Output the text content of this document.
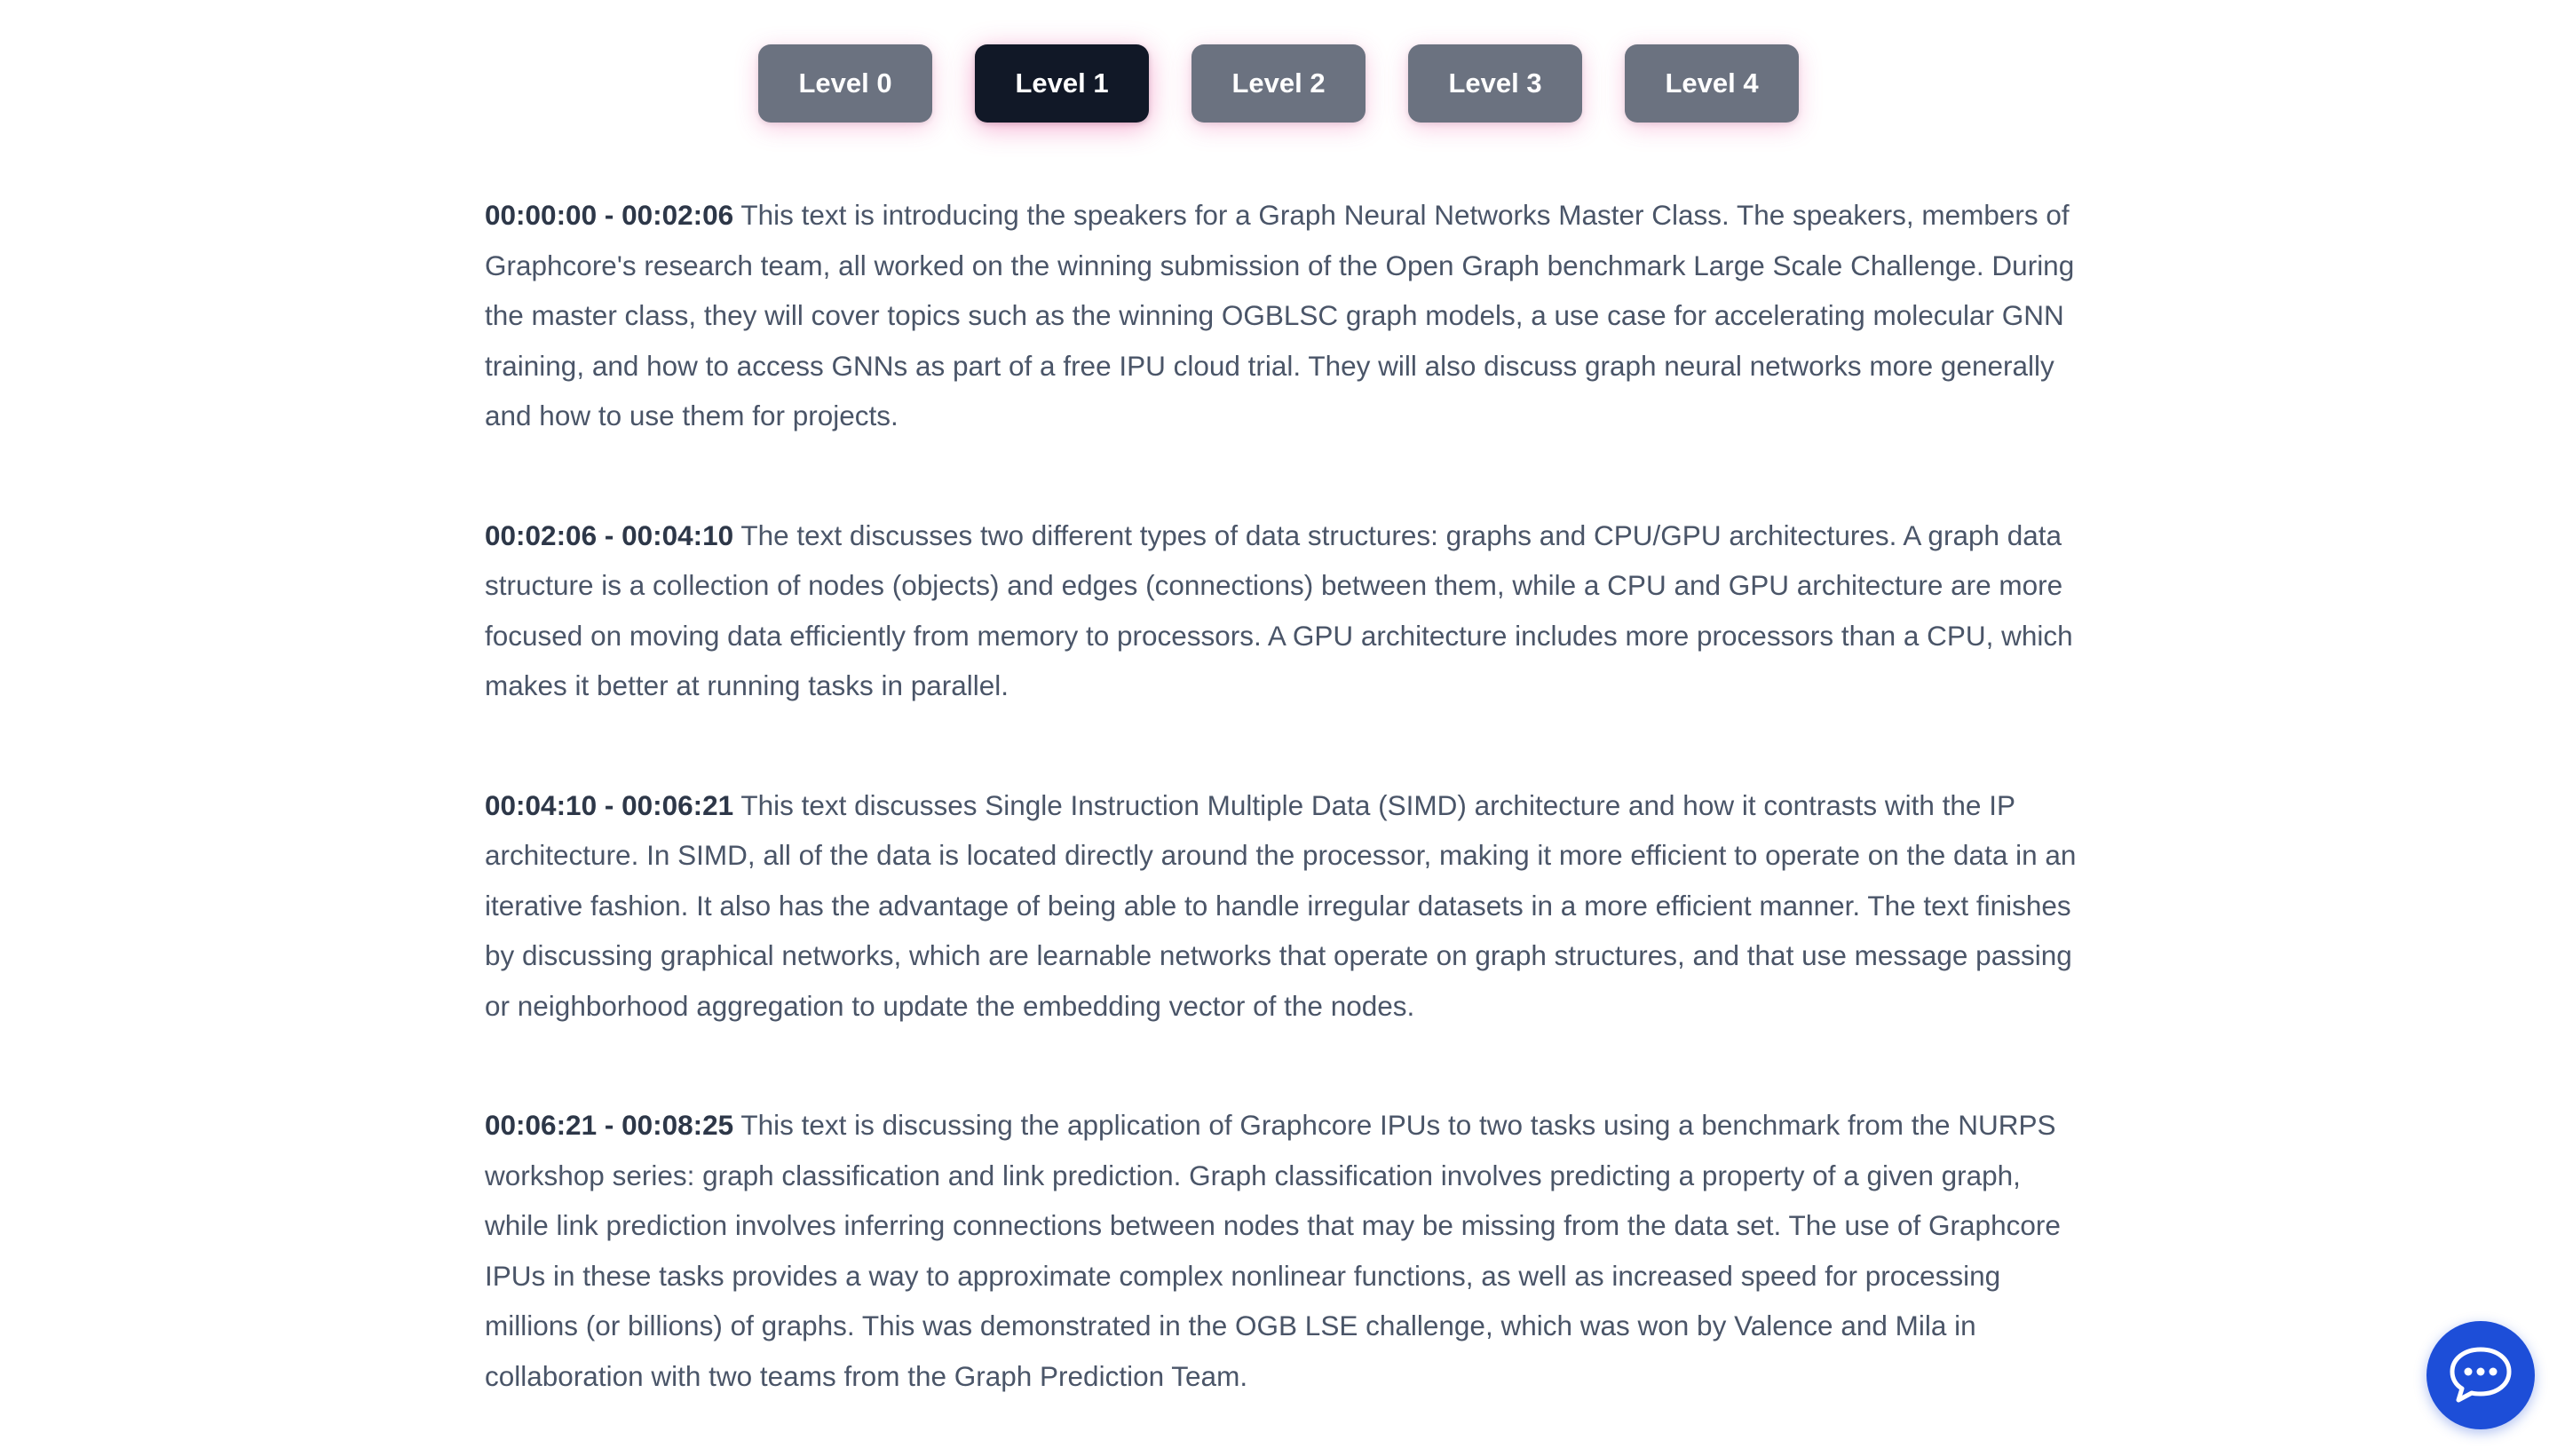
Level 0	Level 1	Level 2	Level 3	Level 4

00:00:00 - 00:02:06 This text is introducing the speakers for a Graph Neural Networks Master Class. The speakers, members of Graphcore's research team, all worked on the winning submission of the Open Graph benchmark Large Scale Challenge. During the master class, they will cover topics such as the winning OGBLSC graph models, a use case for accelerating molecular GNN training, and how to access GNNs as part of a free IPU cloud trial. They will also discuss graph neural networks more generally and how to use them for projects.

00:02:06 - 00:04:10 The text discusses two different types of data structures: graphs and CPU/GPU architectures. A graph data structure is a collection of nodes (objects) and edges (connections) between them, while a CPU and GPU architecture are more focused on moving data efficiently from memory to processors. A GPU architecture includes more processors than a CPU, which makes it better at running tasks in parallel.

00:04:10 - 00:06:21 This text discusses Single Instruction Multiple Data (SIMD) architecture and how it contrasts with the IP architecture. In SIMD, all of the data is located directly around the processor, making it more efficient to operate on the data in an iterative fashion. It also has the advantage of being able to handle irregular datasets in a more efficient manner. The text finishes by discussing graphical networks, which are learnable networks that operate on graph structures, and that use message passing or neighborhood aggregation to update the embedding vector of the nodes.

00:06:21 - 00:08:25 This text is discussing the application of Graphcore IPUs to two tasks using a benchmark from the NURPS workshop series: graph classification and link prediction. Graph classification involves predicting a property of a given graph, while link prediction involves inferring connections between nodes that may be missing from the data set. The use of Graphcore IPUs in these tasks provides a way to approximate complex nonlinear functions, as well as increased speed for processing millions (or billions) of graphs. This was demonstrated in the OGB LSE challenge, which was won by Valence and Mila in collaboration with two teams from the Graph Prediction Team.
